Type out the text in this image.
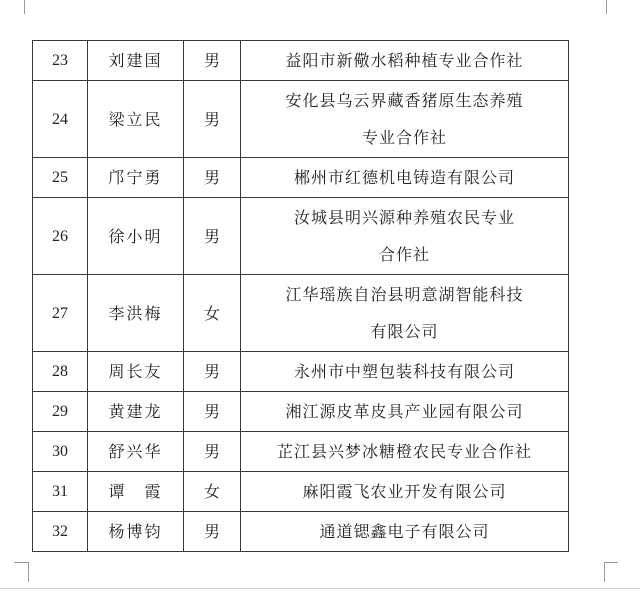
23	刘建国	男	益阳市新儆水稻种植专业合作社

24	梁立民	男	安化县乌云界藏香猪原生态养殖
专业合作社

25	邝宁勇	男	郴州市红德机电铸造有限公司

26	徐小明	男	汝城县明兴源种养殖农民专业
合作社

27	李洪梅	女	江华瑶族自治县明意湖智能科技
有限公司

28	周长友	男	永州市中塑包装科技有限公司

29	黄建龙	男	湘江源皮革皮具产业园有限公司

30	舒兴华	男	芷江县兴梦冰糖橙农民专业合作社

31	谭　霞	女	麻阳霞飞农业开发有限公司

32	杨博钧	男	通道锶鑫电子有限公司
